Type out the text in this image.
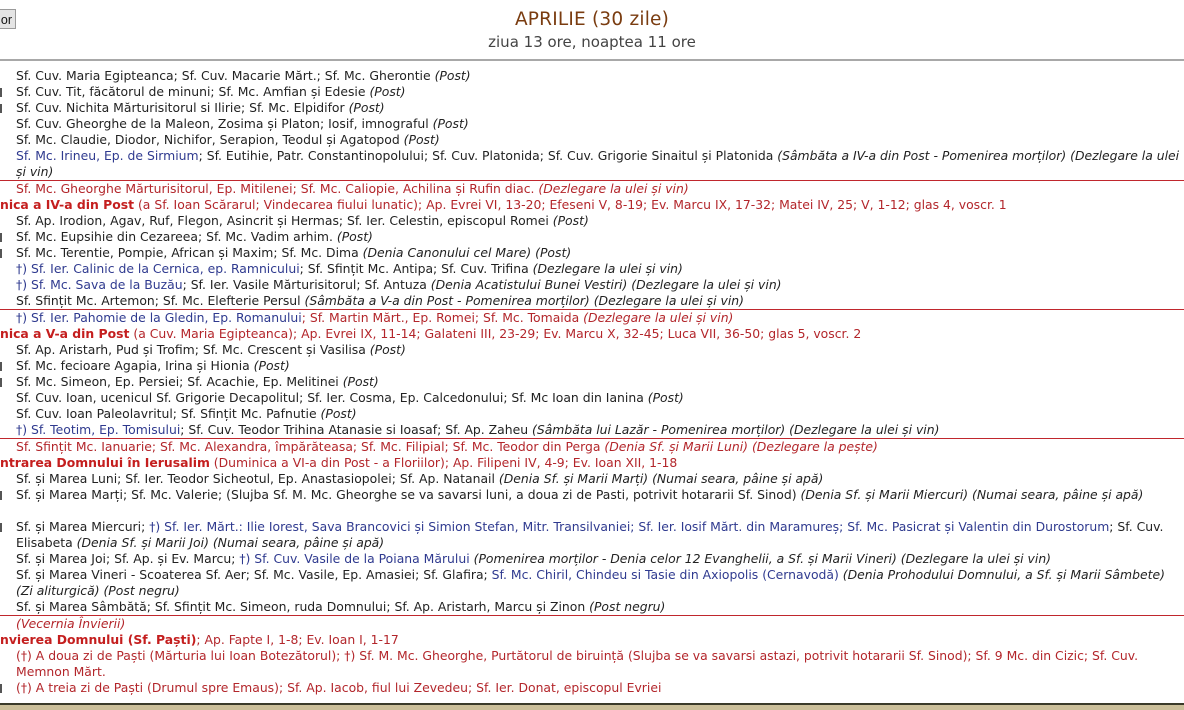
or	APRILIE (30 zile)
ziua 13 ore, noaptea 11 ore
Sf. Cuv. Maria Egipteanca; Sf. Cuv. Macarie Mărt.; Sf. Mc. Gherontie (Post)
Sf. Cuv. Tit, făcătorul de minuni; Sf. Mc. Amfian și Edesie (Post)
Sf. Cuv. Nichita Mărturisitorul si Ilirie; Sf. Mc. Elpidifor (Post)
Sf. Cuv. Gheorghe de la Maleon, Zosima și Platon; Iosif, imnograful (Post)
Sf. Mc. Claudie, Diodor, Nichifor, Serapion, Teodul și Agatopod (Post)
Sf. Mc. Irineu, Ep. de Sirmium; Sf. Eutihie, Patr. Constantinopolului; Sf. Cuv. Platonida; Sf. Cuv. Grigorie Sinaitul și Platonida (Sâmbăta a IV-a din Post - Pomenirea morților) (Dezlegare la ulei și vin)
Sf. Mc. Gheorghe Mărturisitorul, Ep. Mitilenei; Sf. Mc. Caliopie, Achilina și Rufin diac. (Dezlegare la ulei și vin)
nica a IV-a din Post (a Sf. Ioan Scărarul; Vindecarea fiului lunatic); Ap. Evrei VI, 13-20; Efeseni V, 8-19; Ev. Marcu IX, 17-32; Matei IV, 25; V, 1-12; glas 4, voscr. 1
Sf. Ap. Irodion, Agav, Ruf, Flegon, Asincrit și Hermas; Sf. Ier. Celestin, episcopul Romei (Post)
Sf. Mc. Eupsihie din Cezareea; Sf. Mc. Vadim arhim. (Post)
Sf. Mc. Terentie, Pompie, African și Maxim; Sf. Mc. Dima (Denia Canonului cel Mare) (Post)
†) Sf. Ier. Calinic de la Cernica, ep. Ramnicului; Sf. Sfințit Mc. Antipa; Sf. Cuv. Trifina (Dezlegare la ulei și vin)
†) Sf. Mc. Sava de la Buzău; Sf. Ier. Vasile Mărturisitorul; Sf. Antuza (Denia Acatistului Bunei Vestiri) (Dezlegare la ulei și vin)
Sf. Sfințit Mc. Artemon; Sf. Mc. Elefterie Persul (Sâmbăta a V-a din Post - Pomenirea morților) (Dezlegare la ulei și vin)
†) Sf. Ier. Pahomie de la Gledin, Ep. Romanului; Sf. Martin Mărt., Ep. Romei; Sf. Mc. Tomaida (Dezlegare la ulei și vin)
nica a V-a din Post (a Cuv. Maria Egipteanca); Ap. Evrei IX, 11-14; Galateni III, 23-29; Ev. Marcu X, 32-45; Luca VII, 36-50; glas 5, voscr. 2
Sf. Ap. Aristarh, Pud și Trofim; Sf. Mc. Crescent și Vasilisa (Post)
Sf. Mc. fecioare Agapia, Irina și Hionia (Post)
Sf. Mc. Simeon, Ep. Persiei; Sf. Acachie, Ep. Melitinei (Post)
Sf. Cuv. Ioan, ucenicul Sf. Grigorie Decapolitul; Sf. Ier. Cosma, Ep. Calcedonului; Sf. Mc Ioan din Ianina (Post)
Sf. Cuv. Ioan Paleolavritul; Sf. Sfințit Mc. Pafnutie (Post)
†) Sf. Teotim, Ep. Tomisului; Sf. Cuv. Teodor Trihina Atanasie si Ioasaf; Sf. Ap. Zaheu (Sâmbăta lui Lazăr - Pomenirea morților) (Dezlegare la ulei și vin)
Sf. Sfințit Mc. Ianuarie; Sf. Mc. Alexandra, împărăteasa; Sf. Mc. Filipial; Sf. Mc. Teodor din Perga (Denia Sf. și Marii Luni) (Dezlegare la pește)
ntrarea Domnului în Ierusalim (Duminica a VI-a din Post - a Floriilor); Ap. Filipeni IV, 4-9; Ev. Ioan XII, 1-18
Sf. și Marea Luni; Sf. Ier. Teodor Sicheotul, Ep. Anastasiopolei; Sf. Ap. Natanail (Denia Sf. și Marii Marți) (Numai seara, pâine și apă)
Sf. și Marea Marți; Sf. Mc. Valerie; (Slujba Sf. M. Mc. Gheorghe se va savarsi luni, a doua zi de Pasti, potrivit hotararii Sf. Sinod) (Denia Sf. și Marii Miercuri) (Numai seara, pâine și apă)
Sf. și Marea Miercuri; †) Sf. Ier. Mărt.: Ilie Iorest, Sava Brancovici și Simion Stefan, Mitr. Transilvaniei; Sf. Ier. Iosif Mărt. din Maramureș; Sf. Mc. Pasicrat și Valentin din Durostorum; Sf. Cuv. Elisabeta (Denia Sf. și Marii Joi) (Numai seara, pâine și apă)
Sf. și Marea Joi; Sf. Ap. și Ev. Marcu; †) Sf. Cuv. Vasile de la Poiana Mărului (Pomenirea morților - Denia celor 12 Evanghelii, a Sf. și Marii Vineri) (Dezlegare la ulei și vin)
Sf. și Marea Vineri - Scoaterea Sf. Aer; Sf. Mc. Vasile, Ep. Amasiei; Sf. Glafira; Sf. Mc. Chiril, Chindeu si Tasie din Axiopolis (Cernavodă) (Denia Prohodului Domnului, a Sf. și Marii Sâmbete) (Zi aliturgică) (Post negru)
Sf. și Marea Sâmbătă; Sf. Sfințit Mc. Simeon, ruda Domnului; Sf. Ap. Aristarh, Marcu și Zinon (Post negru)
(Vecernia Învierii)
nvierea Domnului (Sf. Paști); Ap. Fapte I, 1-8; Ev. Ioan I, 1-17
(†) A doua zi de Paști (Mărturia lui Ioan Botezătorul); †) Sf. M. Mc. Gheorghe, Purtătorul de biruință (Slujba se va savarsi astazi, potrivit hotararii Sf. Sinod); Sf. 9 Mc. din Cizic; Sf. Cuv. Memnon Mărt.
(†) A treia zi de Paști (Drumul spre Emaus); Sf. Ap. Iacob, fiul lui Zevedeu; Sf. Ier. Donat, episcopul Evriei
